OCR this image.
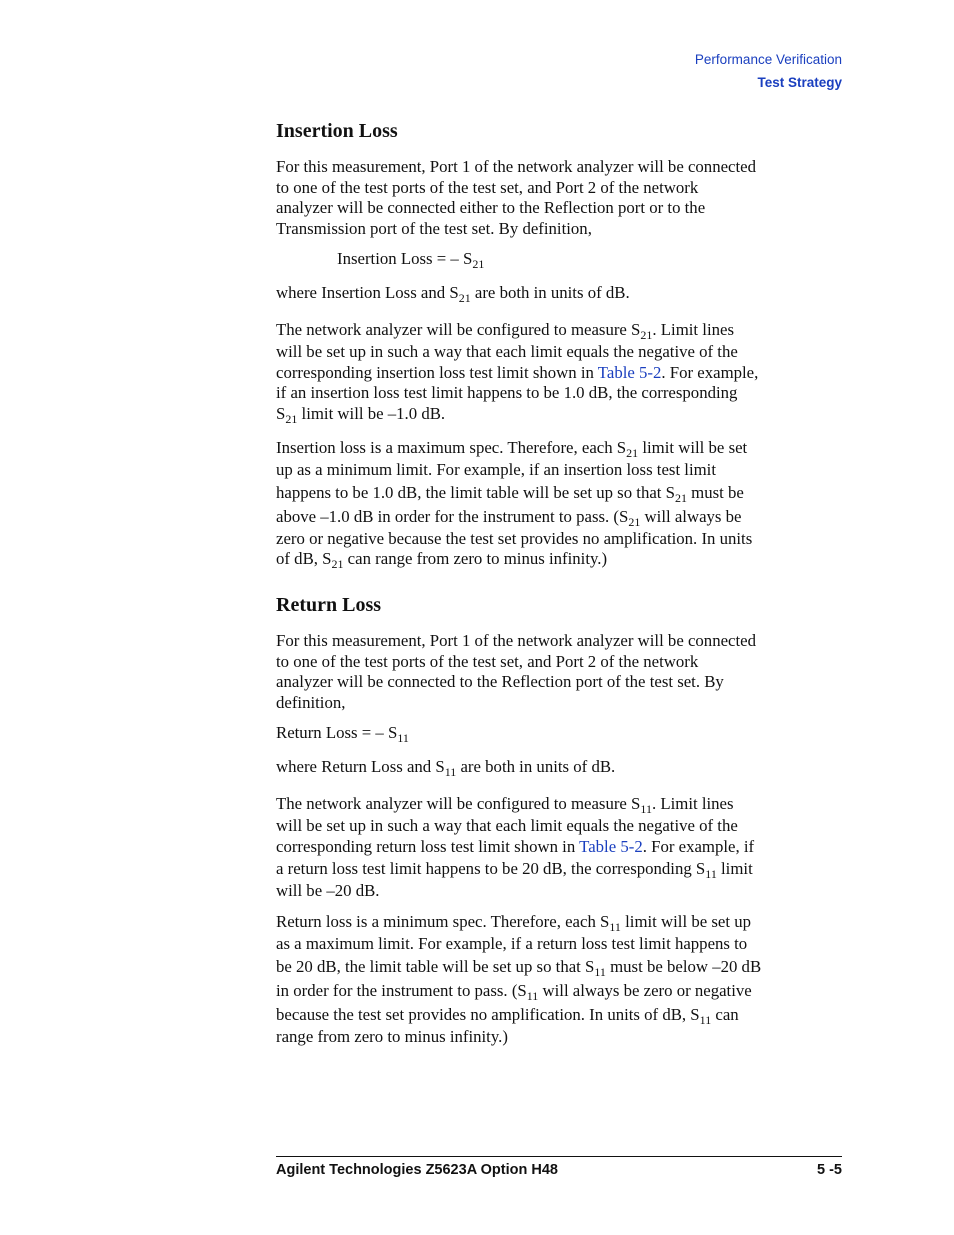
Performance Verification
Test Strategy
Insertion Loss

For this measurement, Port 1 of the network analyzer will be connected
to one of the test ports of the test set, and Port 2 of the network
analyzer will be connected either to the Reflection port or to the
Transmission port of the test set. By definition,

Insertion Loss = – $S_{21}$

where Insertion Loss and $S_{21}$ are both in units of dB.

The network analyzer will be configured to measure $S_{21}$. Limit lines
will be set up in such a way that each limit equals the negative of the
corresponding insertion loss test limit shown in Table 5-2. For example,
if an insertion loss test limit happens to be 1.0 dB, the corresponding
$S_{21}$ limit will be –1.0 dB.

Insertion loss is a maximum spec. Therefore, each $S_{21}$ limit will be set
up as a minimum limit. For example, if an insertion loss test limit
happens to be 1.0 dB, the limit table will be set up so that $S_{21}$ must be
above –1.0 dB in order for the instrument to pass. ($S_{21}$ will always be
zero or negative because the test set provides no amplification. In units
of dB, $S_{21}$ can range from zero to minus infinity.)

Return Loss

For this measurement, Port 1 of the network analyzer will be connected
to one of the test ports of the test set, and Port 2 of the network
analyzer will be connected to the Reflection port of the test set. By
definition,

Return Loss = – $S_{11}$

where Return Loss and $S_{11}$ are both in units of dB.

The network analyzer will be configured to measure $S_{11}$. Limit lines
will be set up in such a way that each limit equals the negative of the
corresponding return loss test limit shown in Table 5-2. For example, if
a return loss test limit happens to be 20 dB, the corresponding $S_{11}$ limit
will be –20 dB.

Return loss is a minimum spec. Therefore, each $S_{11}$ limit will be set up
as a maximum limit. For example, if a return loss test limit happens to
be 20 dB, the limit table will be set up so that $S_{11}$ must be below –20 dB
in order for the instrument to pass. ($S_{11}$ will always be zero or negative
because the test set provides no amplification. In units of dB, $S_{11}$ can
range from zero to minus infinity.)

Agilent Technologies Z5623A Option H48	5 -5
